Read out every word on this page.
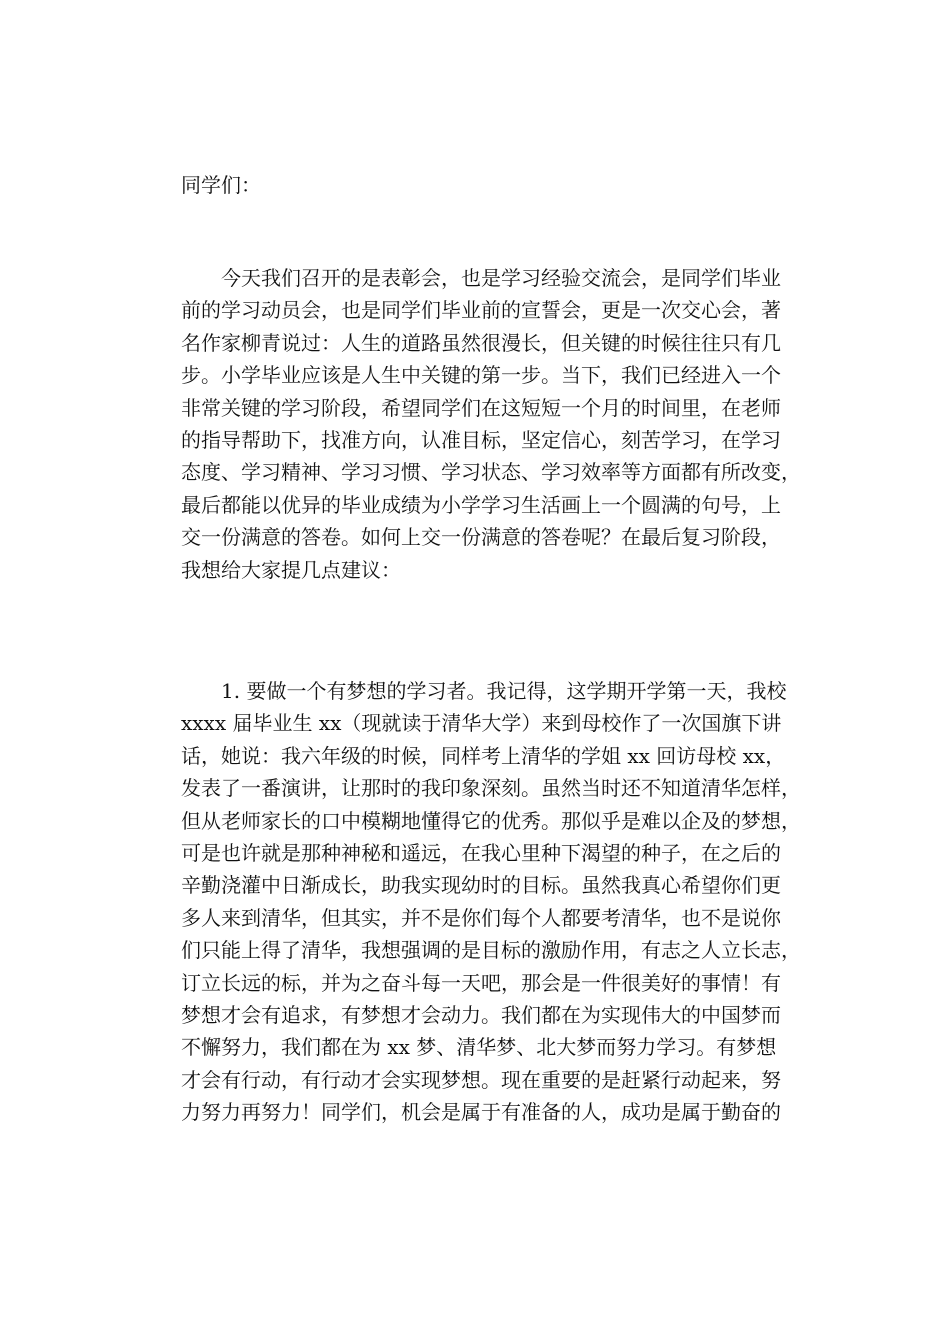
同学们：
今天我们召开的是表彰会，也是学习经验交流会，是同学们毕业
前的学习动员会，也是同学们毕业前的宣誓会，更是一次交心会，著
名作家柳青说过：人生的道路虽然很漫长，但关键的时候往往只有几
步。小学毕业应该是人生中关键的第一步。当下，我们已经进入一个
非常关键的学习阶段，希望同学们在这短短一个月的时间里，在老师
的指导帮助下，找准方向，认准目标，坚定信心，刻苦学习，在学习
态度、学习精神、学习习惯、学习状态、学习效率等方面都有所改变，
最后都能以优异的毕业成绩为小学学习生活画上一个圆满的句号，上
交一份满意的答卷。如何上交一份满意的答卷呢？在最后复习阶段，
我想给大家提几点建议：
1. 要做一个有梦想的学习者。我记得，这学期开学第一天，我校
xxxx 届毕业生 xx（现就读于清华大学）来到母校作了一次国旗下讲
话，她说：我六年级的时候，同样考上清华的学姐 xx 回访母校 xx，
发表了一番演讲，让那时的我印象深刻。虽然当时还不知道清华怎样，
但从老师家长的口中模糊地懂得它的优秀。那似乎是难以企及的梦想，
可是也许就是那种神秘和遥远，在我心里种下渴望的种子，在之后的
辛勤浇灌中日渐成长，助我实现幼时的目标。虽然我真心希望你们更
多人来到清华，但其实，并不是你们每个人都要考清华，也不是说你
们只能上得了清华，我想强调的是目标的激励作用，有志之人立长志，
订立长远的标，并为之奋斗每一天吧，那会是一件很美好的事情！有
梦想才会有追求，有梦想才会动力。我们都在为实现伟大的中国梦而
不懈努力，我们都在为 xx 梦、清华梦、北大梦而努力学习。有梦想
才会有行动，有行动才会实现梦想。现在重要的是赶紧行动起来，努
力努力再努力！同学们，机会是属于有准备的人，成功是属于勤奋的
